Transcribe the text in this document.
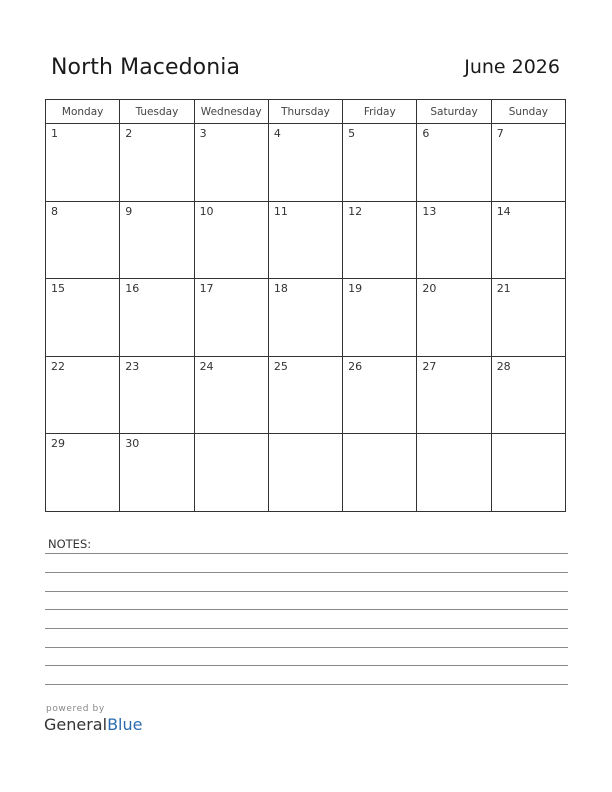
North Macedonia	June 2026
Monday	Tuesday	Wednesday	Thursday	Friday	Saturday	Sunday

1	2	3	4	5	6	7

8	9	10	11	12	13	14

15	16	17	18	19	20	21

22	23	24	25	26	27	28

29	30					

NOTES:
powered by
GeneralBlue
